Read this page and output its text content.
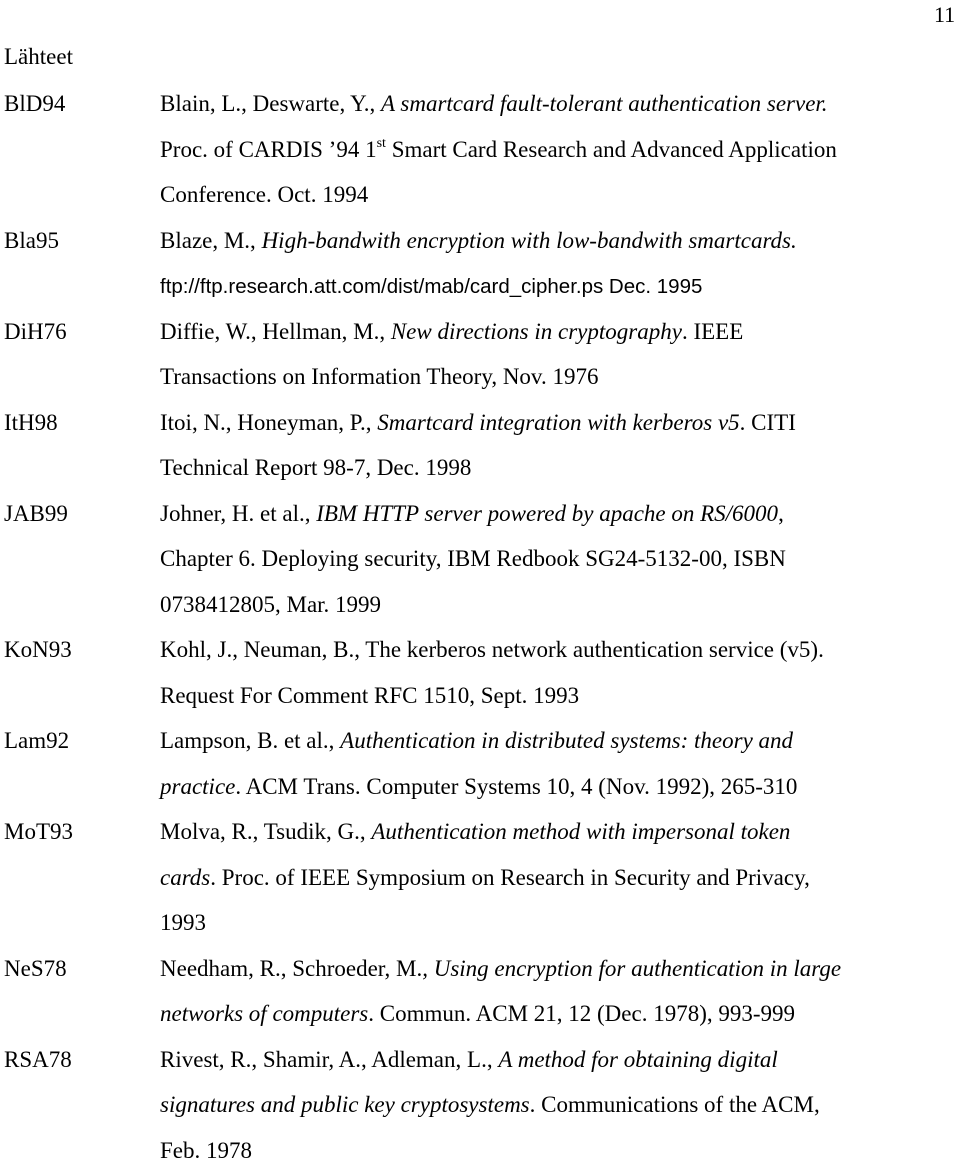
11
Lähteet
BlD94	Blain, L., Deswarte, Y., A smartcard fault-tolerant authentication server.
Proc. of CARDIS ’94 1st Smart Card Research and Advanced Application
Conference. Oct. 1994
Bla95	Blaze, M., High-bandwith encryption with low-bandwith smartcards.
ftp://ftp.research.att.com/dist/mab/card_cipher.ps Dec. 1995
DiH76	Diffie, W., Hellman, M., New directions in cryptography. IEEE
Transactions on Information Theory, Nov. 1976
ItH98	Itoi, N., Honeyman, P., Smartcard integration with kerberos v5. CITI
Technical Report 98-7, Dec. 1998
JAB99	Johner, H. et al., IBM HTTP server powered by apache on RS/6000,
Chapter 6. Deploying security, IBM Redbook SG24-5132-00, ISBN
0738412805, Mar. 1999
KoN93	Kohl, J., Neuman, B., The kerberos network authentication service (v5).
Request For Comment RFC 1510, Sept. 1993
Lam92	Lampson, B. et al., Authentication in distributed systems: theory and
practice. ACM Trans. Computer Systems 10, 4 (Nov. 1992), 265-310
MoT93	Molva, R., Tsudik, G., Authentication method with impersonal token
cards. Proc. of IEEE Symposium on Research in Security and Privacy,
1993
NeS78	Needham, R., Schroeder, M., Using encryption for authentication in large
networks of computers. Commun. ACM 21, 12 (Dec. 1978), 993-999
RSA78	Rivest, R., Shamir, A., Adleman, L., A method for obtaining digital
signatures and public key cryptosystems. Communications of the ACM,
Feb. 1978
